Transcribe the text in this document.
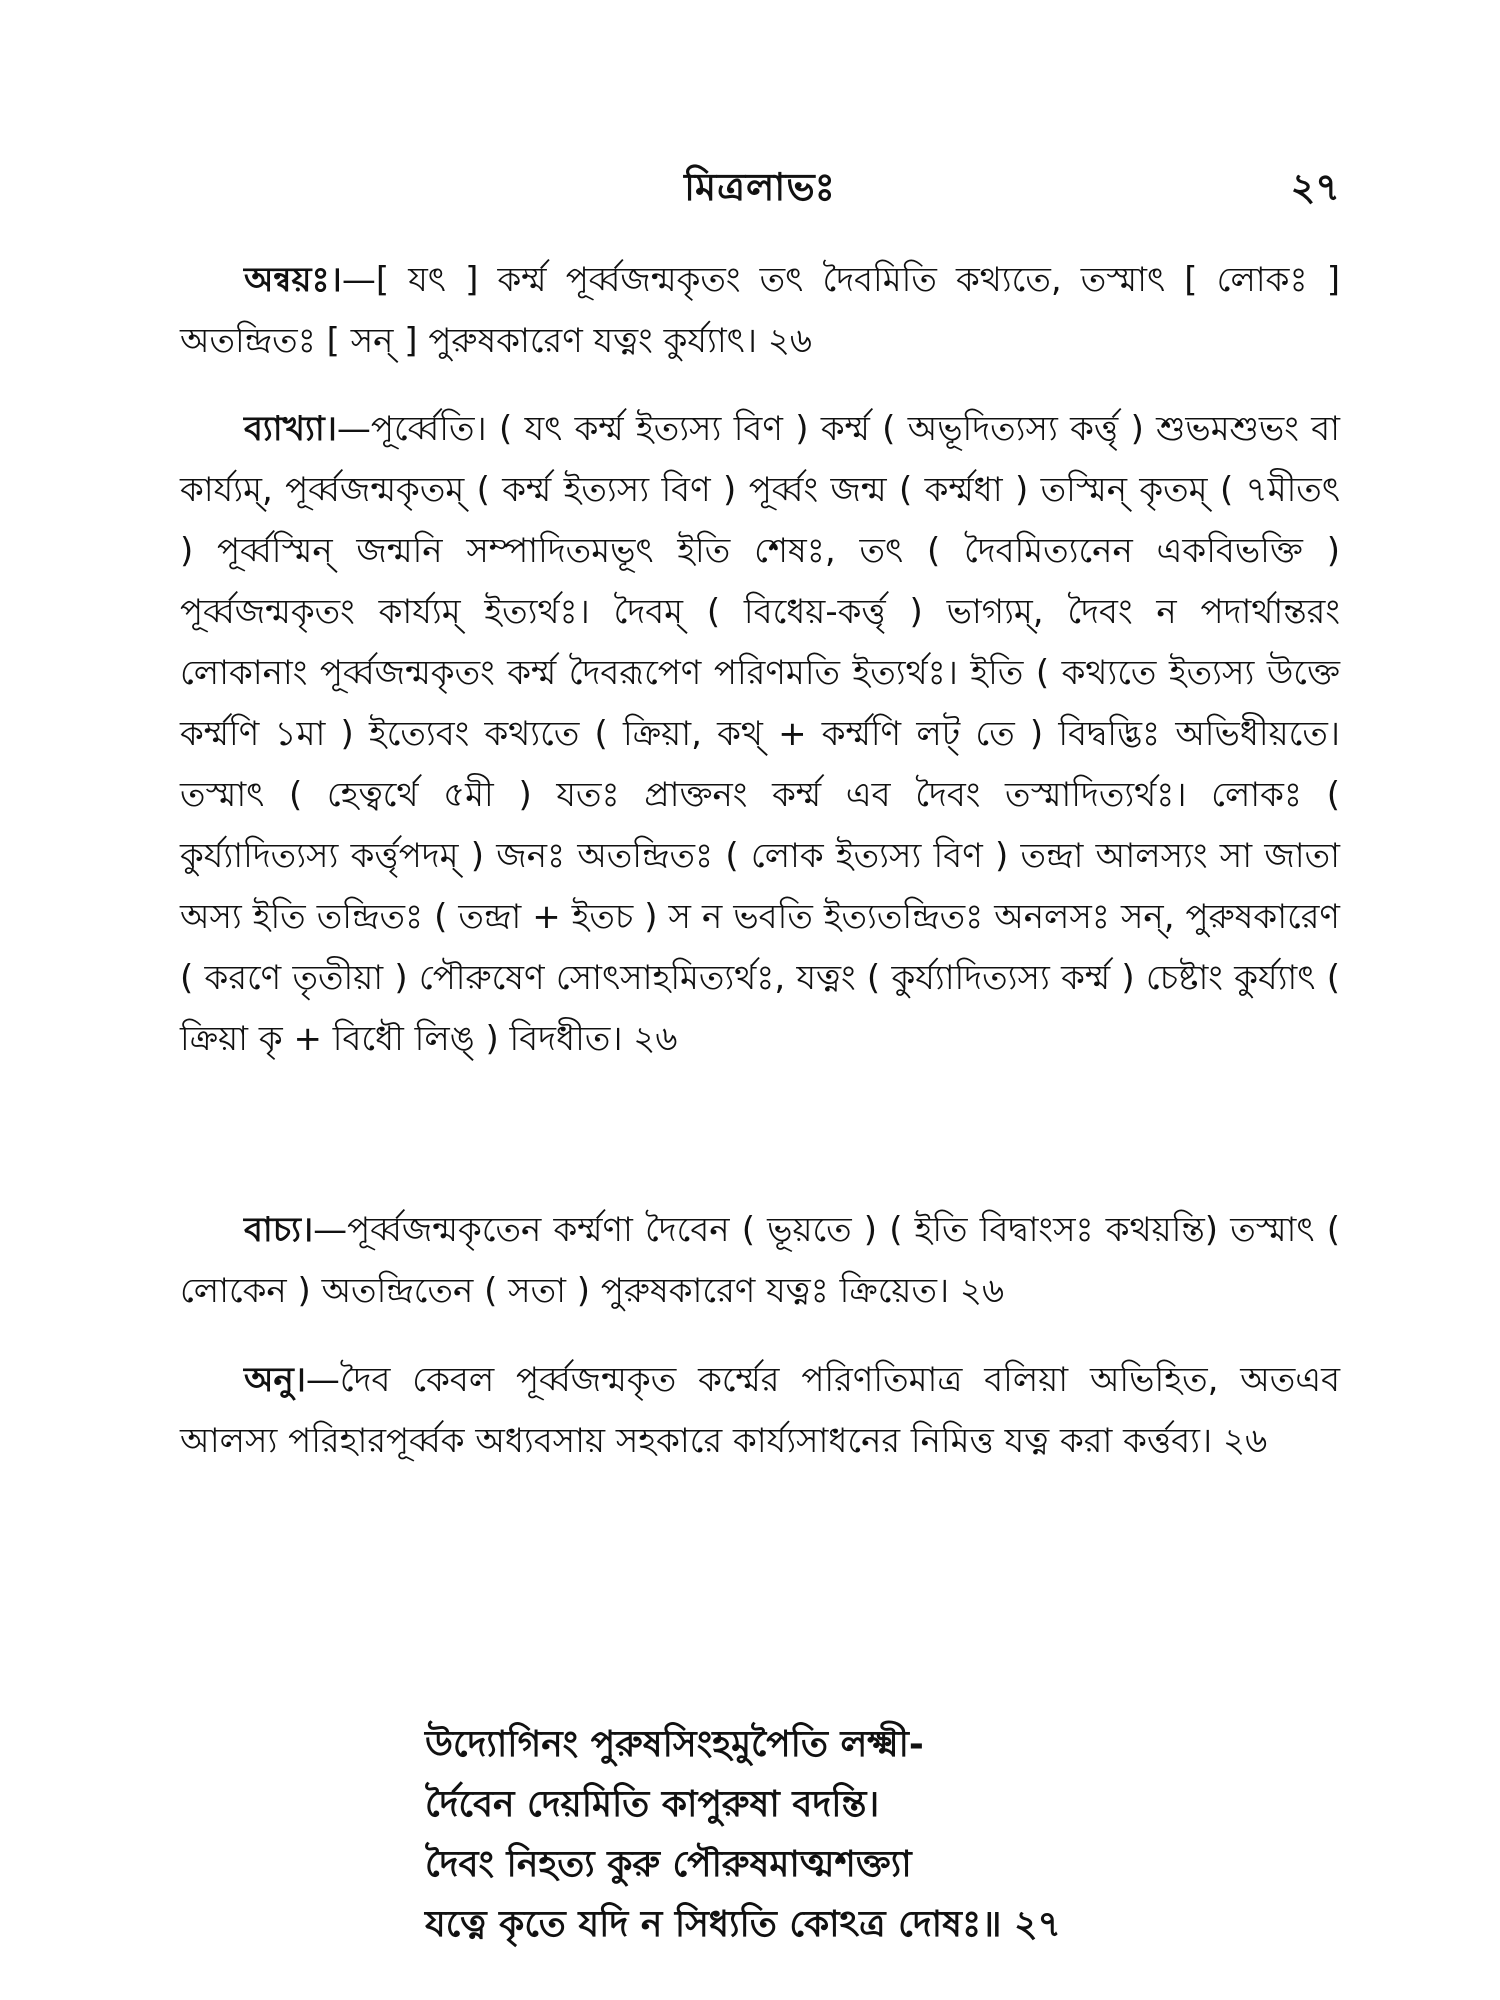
মিত্রলাভঃ	২৭

অন্বয়ঃ।—[ যৎ ] কর্ম্ম পূর্ব্বজন্মকৃতং তৎ দৈবমিতি কথ্যতে, তস্মাৎ [ লোকঃ ] অতন্দ্রিতঃ [ সন্ ] পুরুষকারেণ যত্নং কুর্য্যাৎ। ২৬

ব্যাখ্যা।—পূর্ব্বেতি। ( যৎ কর্ম্ম ইত্যস্য বিণ ) কর্ম্ম ( অভূদিত্যস্য কর্ত্তৃ ) শুভমশুভং বা কার্য্যম্, পূর্ব্বজন্মকৃতম্ ( কর্ম্ম ইত্যস্য বিণ ) পূর্ব্বং জন্ম ( কর্ম্মধা ) তস্মিন্ কৃতম্ ( ৭মীতৎ ) পূর্ব্বস্মিন্ জন্মনি সম্পাদিতমভূৎ ইতি শেষঃ, তৎ ( দৈবমিত্যনেন একবিভক্তি ) পূর্ব্বজন্মকৃতং কার্য্যম্ ইত্যর্থঃ। দৈবম্ ( বিধেয়-কর্ত্তৃ ) ভাগ্যম্, দৈবং ন পদার্থান্তরং লোকানাং পূর্ব্বজন্মকৃতং কর্ম্ম দৈবরূপেণ পরিণমতি ইত্যর্থঃ। ইতি ( কথ্যতে ইত্যস্য উক্তে কর্ম্মণি ১মা ) ইত্যেবং কথ্যতে ( ক্রিয়া, কথ্ + কর্ম্মণি লট্ তে ) বিদ্বদ্ভিঃ অভিধীয়তে। তস্মাৎ ( হেত্বর্থে ৫মী ) যতঃ প্রাক্তনং কর্ম্ম এব দৈবং তস্মাদিত্যর্থঃ। লোকঃ ( কুর্য্যাদিত্যস্য কর্ত্তৃপদম্ ) জনঃ অতন্দ্রিতঃ ( লোক ইত্যস্য বিণ ) তন্দ্রা আলস্যং সা জাতা অস্য ইতি তন্দ্রিতঃ ( তন্দ্রা + ইতচ ) স ন ভবতি ইত্যতন্দ্রিতঃ অনলসঃ সন্, পুরুষকারেণ ( করণে তৃতীয়া ) পৌরুষেণ সোৎসাহমিত্যর্থঃ, যত্নং ( কুর্য্যাদিত্যস্য কর্ম্ম ) চেষ্টাং কুর্য্যাৎ ( ক্রিয়া কৃ + বিধৌ লিঙ্ ) বিদধীত। ২৬

বাচ্য।—পূর্ব্বজন্মকৃতেন কর্ম্মণা দৈবেন ( ভূয়তে ) ( ইতি বিদ্বাংসঃ কথয়ন্তি) তস্মাৎ ( লোকেন ) অতন্দ্রিতেন ( সতা ) পুরুষকারেণ যত্নঃ ক্রিয়েত। ২৬

অনু।—দৈব কেবল পূর্ব্বজন্মকৃত কর্ম্মের পরিণতিমাত্র বলিয়া অভিহিত, অতএব আলস্য পরিহারপূর্ব্বক অধ্যবসায় সহকারে কার্য্যসাধনের নিমিত্ত যত্ন করা কর্ত্তব্য। ২৬

উদ্যোগিনং পুরুষসিংহমুপৈতি লক্ষ্মী-
র্দৈবেন দেয়মিতি কাপুরুষা বদন্তি।
দৈবং নিহত্য কুরু পৌরুষমাত্মশক্ত্যা
যত্নে কৃতে যদি ন সিধ্যতি কোঽত্র দোষঃ॥ ২৭
